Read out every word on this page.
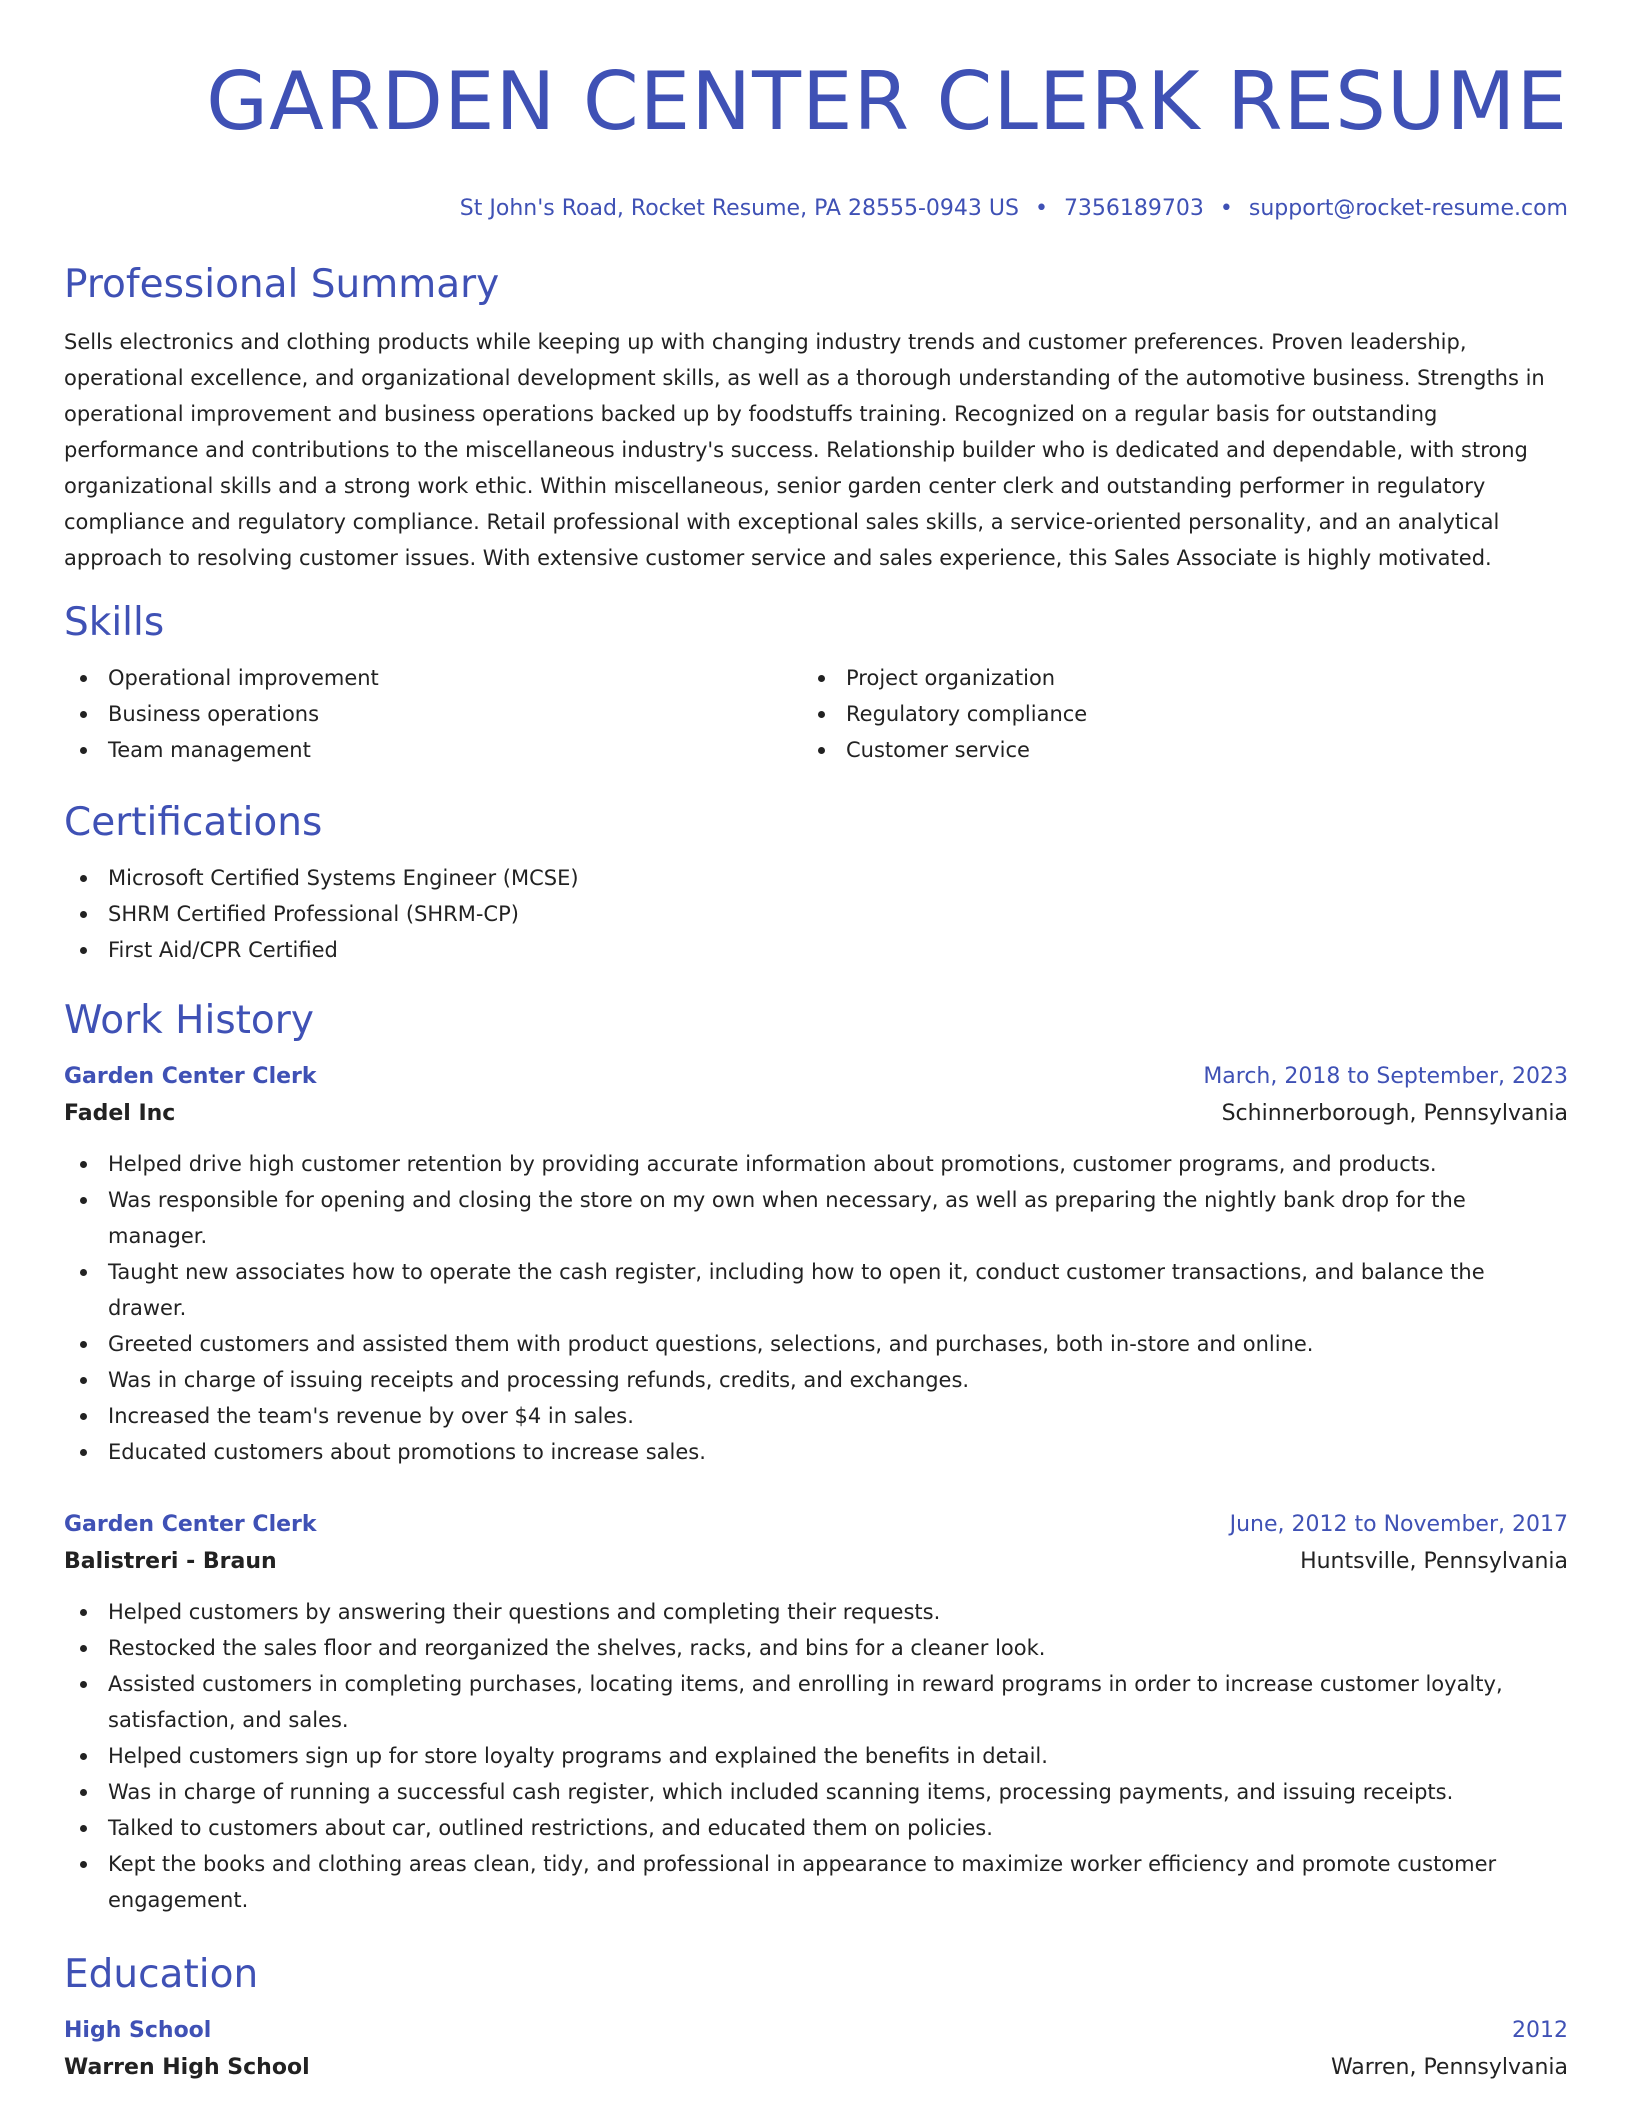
GARDEN CENTER CLERK RESUME
St John's Road, Rocket Resume, PA 28555-0943 US • 7356189703 • support@rocket-resume.com
Professional Summary
Sells electronics and clothing products while keeping up with changing industry trends and customer preferences. Proven leadership, operational excellence, and organizational development skills, as well as a thorough understanding of the automotive business. Strengths in operational improvement and business operations backed up by foodstuffs training. Recognized on a regular basis for outstanding performance and contributions to the miscellaneous industry's success. Relationship builder who is dedicated and dependable, with strong organizational skills and a strong work ethic. Within miscellaneous, senior garden center clerk and outstanding performer in regulatory compliance and regulatory compliance. Retail professional with exceptional sales skills, a service-oriented personality, and an analytical approach to resolving customer issues. With extensive customer service and sales experience, this Sales Associate is highly motivated.
Skills
Operational improvement
Business operations
Team management
Project organization
Regulatory compliance
Customer service
Certifications
Microsoft Certified Systems Engineer (MCSE)
SHRM Certified Professional (SHRM-CP)
First Aid/CPR Certified
Work History
Garden Center Clerk	March, 2018 to September, 2023
Fadel Inc	Schinnerborough, Pennsylvania
Helped drive high customer retention by providing accurate information about promotions, customer programs, and products.
Was responsible for opening and closing the store on my own when necessary, as well as preparing the nightly bank drop for the manager.
Taught new associates how to operate the cash register, including how to open it, conduct customer transactions, and balance the drawer.
Greeted customers and assisted them with product questions, selections, and purchases, both in-store and online.
Was in charge of issuing receipts and processing refunds, credits, and exchanges.
Increased the team's revenue by over $4 in sales.
Educated customers about promotions to increase sales.
Garden Center Clerk	June, 2012 to November, 2017
Balistreri - Braun	Huntsville, Pennsylvania
Helped customers by answering their questions and completing their requests.
Restocked the sales floor and reorganized the shelves, racks, and bins for a cleaner look.
Assisted customers in completing purchases, locating items, and enrolling in reward programs in order to increase customer loyalty, satisfaction, and sales.
Helped customers sign up for store loyalty programs and explained the benefits in detail.
Was in charge of running a successful cash register, which included scanning items, processing payments, and issuing receipts.
Talked to customers about car, outlined restrictions, and educated them on policies.
Kept the books and clothing areas clean, tidy, and professional in appearance to maximize worker efficiency and promote customer engagement.
Education
High School	2012
Warren High School	Warren, Pennsylvania
